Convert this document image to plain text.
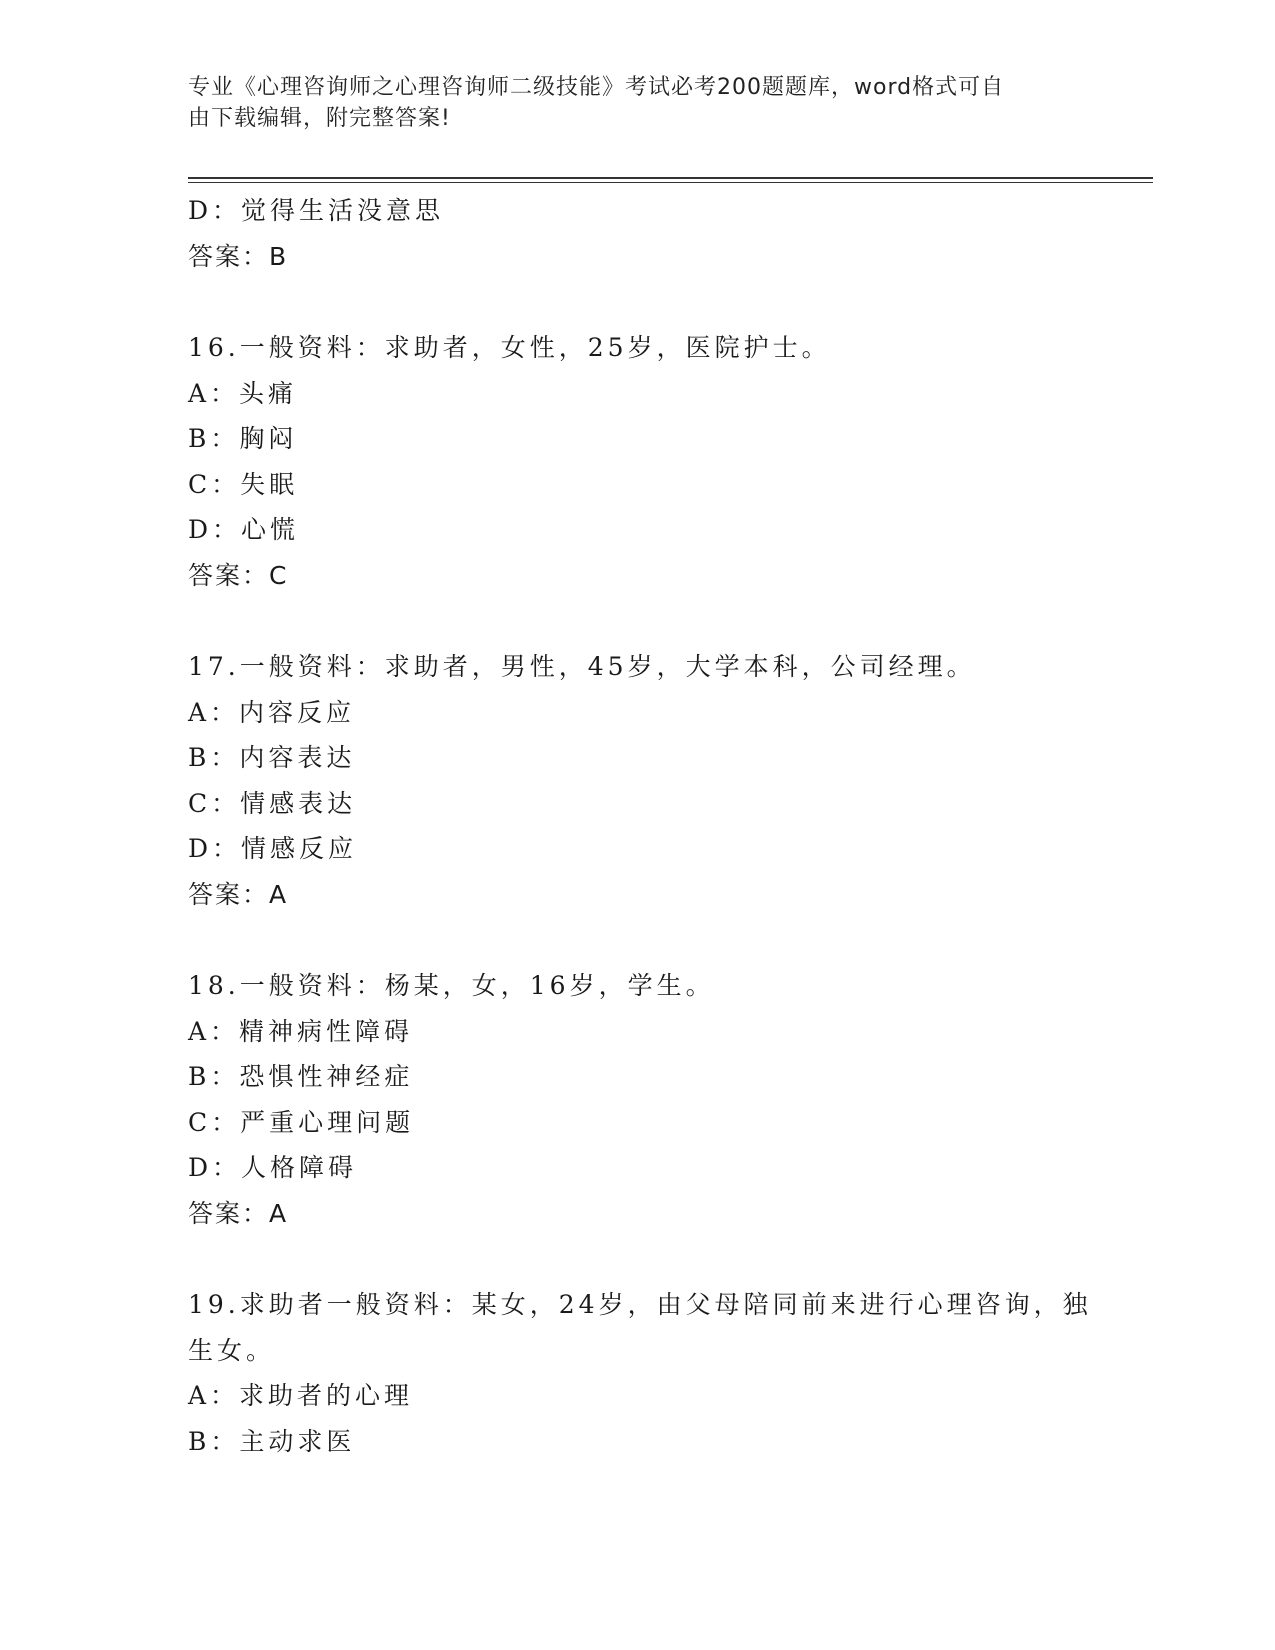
专业《心理咨询师之心理咨询师二级技能》考试必考200题题库，word格式可自
由下载编辑，附完整答案!
D：觉得生活没意思
答案：B
16.一般资料：求助者，女性，25岁，医院护士。
A：头痛
B：胸闷
C：失眠
D：心慌
答案：C
17.一般资料：求助者，男性，45岁，大学本科，公司经理。
A：内容反应
B：内容表达
C：情感表达
D：情感反应
答案：A
18.一般资料：杨某，女，16岁，学生。
A：精神病性障碍
B：恐惧性神经症
C：严重心理问题
D：人格障碍
答案：A
19.求助者一般资料：某女，24岁，由父母陪同前来进行心理咨询，独
生女。
A：求助者的心理
B：主动求医
